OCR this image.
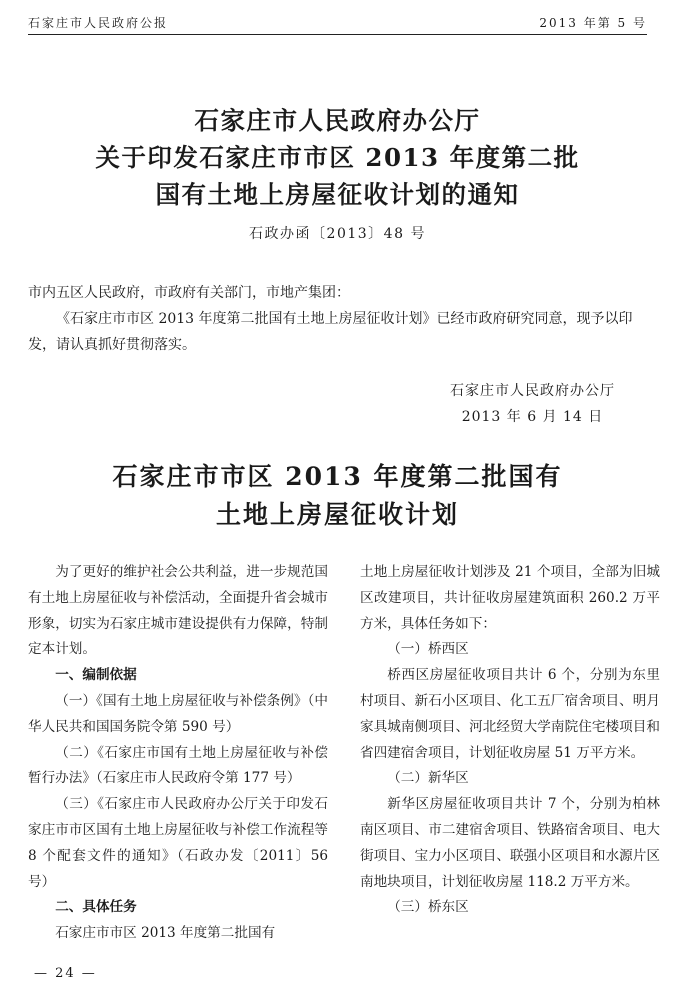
石家庄市人民政府公报	2013 年第 5 号
石家庄市人民政府办公厅
关于印发石家庄市市区 2013 年度第二批
国有土地上房屋征收计划的通知
石政办函〔2013〕48 号

市内五区人民政府，市政府有关部门，市地产集团：

《石家庄市市区 2013 年度第二批国有土地上房屋征收计划》已经市政府研究同意，现予以印发，请认真抓好贯彻落实。

石家庄市人民政府办公厅
2013 年 6 月 14 日
石家庄市市区 2013 年度第二批国有
土地上房屋征收计划

为了更好的维护社会公共利益，进一步规范国有土地上房屋征收与补偿活动，全面提升省会城市形象，切实为石家庄城市建设提供有力保障，特制定本计划。

一、编制依据

（一）《国有土地上房屋征收与补偿条例》（中华人民共和国国务院令第 590 号）

（二）《石家庄市国有土地上房屋征收与补偿暂行办法》（石家庄市人民政府令第 177 号）

（三）《石家庄市人民政府办公厅关于印发石家庄市市区国有土地上房屋征收与补偿工作流程等 8 个配套文件的通知》（石政办发〔2011〕56 号）

二、具体任务

石家庄市市区 2013 年度第二批国有

土地上房屋征收计划涉及 21 个项目，全部为旧城区改建项目，共计征收房屋建筑面积 260.2 万平方米，具体任务如下：

（一）桥西区

桥西区房屋征收项目共计 6 个，分别为东里村项目、新石小区项目、化工五厂宿舍项目、明月家具城南侧项目、河北经贸大学南院住宅楼项目和省四建宿舍项目，计划征收房屋 51 万平方米。

（二）新华区

新华区房屋征收项目共计 7 个，分别为柏林南区项目、市二建宿舍项目、铁路宿舍项目、电大街项目、宝力小区项目、联强小区项目和水源片区南地块项目，计划征收房屋 118.2 万平方米。

（三）桥东区

— 24 —
